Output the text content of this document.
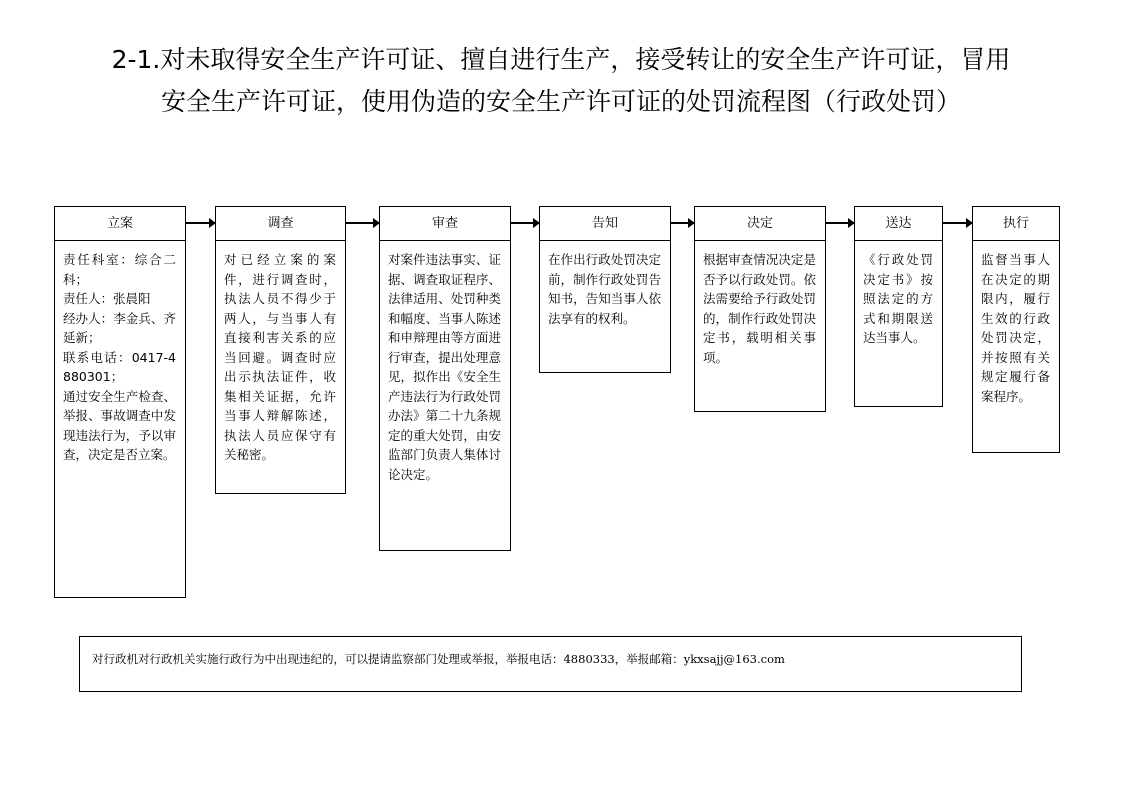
2-1.对未取得安全生产许可证、擅自进行生产，接受转让的安全生产许可证，冒用
安全生产许可证，使用伪造的安全生产许可证的处罚流程图（行政处罚）
立案
责任科室：综合二科；
责任人：张晨阳
经办人：李金兵、齐延新；
联系电话：0417-4880301；
通过安全生产检查、举报、事故调查中发现违法行为，予以审查，决定是否立案。
调查
对已经立案的案件，进行调查时，执法人员不得少于两人，与当事人有直接利害关系的应当回避。调查时应出示执法证件，收集相关证据，允许当事人辩解陈述，执法人员应保守有关秘密。
审查
对案件违法事实、证据、调查取证程序、法律适用、处罚种类和幅度、当事人陈述和申辩理由等方面进行审查，提出处理意见，拟作出《安全生产违法行为行政处罚办法》第二十九条规定的重大处罚，由安监部门负责人集体讨论决定。
告知
在作出行政处罚决定前，制作行政处罚告知书，告知当事人依法享有的权利。
决定
根据审查情况决定是否予以行政处罚。依法需要给予行政处罚的，制作行政处罚决定书，载明相关事项。
送达
《行政处罚决定书》按照法定的方式和期限送达当事人。
执行
监督当事人在决定的期限内，履行生效的行政处罚决定，并按照有关规定履行备案程序。
对行政机对行政机关实施行政行为中出现违纪的，可以提请监察部门处理或举报，举报电话：4880333，举报邮箱：ykxsajj@163.com
